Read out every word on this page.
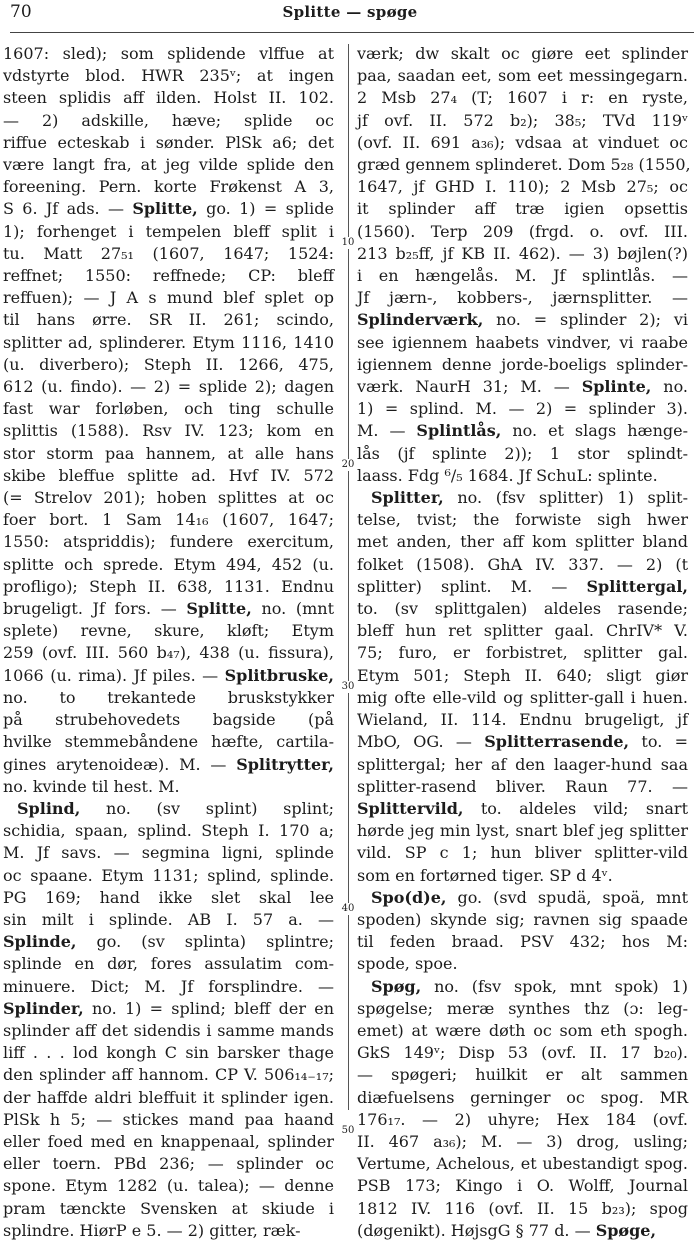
70	Splitte — spøge
1607: sled); som splidende vlffue at
vdstyrte blod. HWR 235ᵛ; at ingen
steen splidis aff ilden. Holst II. 102.
— 2) adskille, hæve; splide oc
riffue ecteskab i sønder. PlSk a6; det
være langt fra, at jeg vilde splide den
foreening. Pern. korte Frøkenst A 3,
S 6. Jf ads. — Splitte, go. 1) = splide
1); forhenget i tempelen bleff split i
tu. Matt 27₅₁ (1607, 1647; 1524:
reffnet; 1550: reffnede; CP: bleff
reffuen); — J A s mund blef splet op
til hans ørre. SR II. 261; scindo,
splitter ad, splinderer. Etym 1116, 1410
(u. diverbero); Steph II. 1266, 475,
612 (u. findo). — 2) = splide 2); dagen
fast war forløben, och ting schulle
splittis (1588). Rsv IV. 123; kom en
stor storm paa hannem, at alle hans
skibe bleffue splitte ad. Hvf IV. 572
(= Strelov 201); hoben splittes at oc
foer bort. 1 Sam 14₁₆ (1607, 1647;
1550: atspriddis); fundere exercitum,
splitte och sprede. Etym 494, 452 (u.
profligo); Steph II. 638, 1131. Endnu
brugeligt. Jf fors. — Splitte, no. (mnt
splete) revne, skure, kløft; Etym
259 (ovf. III. 560 b₄₇), 438 (u. fissura),
1066 (u. rima). Jf piles. — Splitbruske,
no. to trekantede bruskstykker
på strubehovedets bagside (på
hvilke stemmebåndene hæfte, cartila-
gines arytenoideæ). M. — Splitrytter,
no. kvinde til hest. M.
Splind, no. (sv splint) splint;
schidia, spaan, splind. Steph I. 170 a;
M. Jf savs. — segmina ligni, splinde
oc spaane. Etym 1131; splind, splinde.
PG 169; hand ikke slet skal lee
sin milt i splinde. AB I. 57 a. —
Splinde, go. (sv splinta) splintre;
splinde en dør, fores assulatim com-
minuere. Dict; M. Jf forsplindre. —
Splinder, no. 1) = splind; bleff der en
splinder aff det sidendis i samme mands
liff . . . lod kongh C sin barsker thage
den splinder aff hannom. CP V. 506₁₄₋₁₇;
der haffde aldri bleffuit it splinder igen.
PlSk h 5; — stickes mand paa haand
eller foed med en knappenaal, splinder
eller toern. PBd 236; — splinder oc
spone. Etym 1282 (u. talea); — denne
pram tænckte Svensken at skiude i
splindre. HiørP e 5. — 2) gitter, ræk-
værk; dw skalt oc giøre eet splinder
paa, saadan eet, som eet messingegarn.
2 Msb 27₄ (T; 1607 i r: en ryste,
jf ovf. II. 572 b₂); 38₅; TVd 119ᵛ
(ovf. II. 691 a₃₆); vdsaa at vinduet oc
græd gennem splinderet. Dom 5₂₈ (1550,
1647, jf GHD I. 110); 2 Msb 27₅; oc
it splinder aff træ igien opsettis
(1560). Terp 209 (frgd. o. ovf. III.
213 b₂₅ff, jf KB II. 462). — 3) bøjlen(?)
i en hængelås. M. Jf splintlås. —
Jf jærn-, kobbers-, jærnsplitter. —
Splinderværk, no. = splinder 2); vi
see igiennem haabets vindver, vi raabe
igiennem denne jorde-boeligs splinder-
værk. NaurH 31; M. — Splinte, no.
1) = splind. M. — 2) = splinder 3).
M. — Splintlås, no. et slags hænge-
lås (jf splinte 2)); 1 stor splindt-
laass. Fdg ⁶/₅ 1684. Jf SchuL: splinte.
Splitter, no. (fsv splitter) 1) split-
telse, tvist; the forwiste sigh hwer
met anden, ther aff kom splitter bland
folket (1508). GhA IV. 337. — 2) (t
splitter) splint. M. — Splittergal,
to. (sv splittgalen) aldeles rasende;
bleff hun ret splitter gaal. ChrIV* V.
75; furo, er forbistret, splitter gal.
Etym 501; Steph II. 640; sligt giør
mig ofte elle-vild og splitter-gall i huen.
Wieland, II. 114. Endnu brugeligt, jf
MbO, OG. — Splitterrasende, to. =
splittergal; her af den laager-hund saa
splitter-rasend bliver. Raun 77. —
Splittervild, to. aldeles vild; snart
hørde jeg min lyst, snart blef jeg splitter
vild. SP c 1; hun bliver splitter-vild
som en fortørned tiger. SP d 4ᵛ.
Spo(d)e, go. (svd spudä, spoä, mnt
spoden) skynde sig; ravnen sig spaade
til feden braad. PSV 432; hos M:
spode, spoe.
Spøg, no. (fsv spok, mnt spok) 1)
spøgelse; meræ synthes thz (ɔ: leg-
emet) at wære døth oc som eth spogh.
GkS 149ᵛ; Disp 53 (ovf. II. 17 b₂₀).
— spøgeri; huilkit er alt sammen
diæfuelsens gerninger oc spog. MR
176₁₇. — 2) uhyre; Hex 184 (ovf.
II. 467 a₃₆); M. — 3) drog, usling;
Vertume, Achelous, et ubestandigt spog.
PSB 173; Kingo i O. Wolff, Journal
1812 IV. 116 (ovf. II. 15 b₂₃); spog
(døgenikt). HøjsgG § 77 d. — Spøge,
10
20
30
40
50
